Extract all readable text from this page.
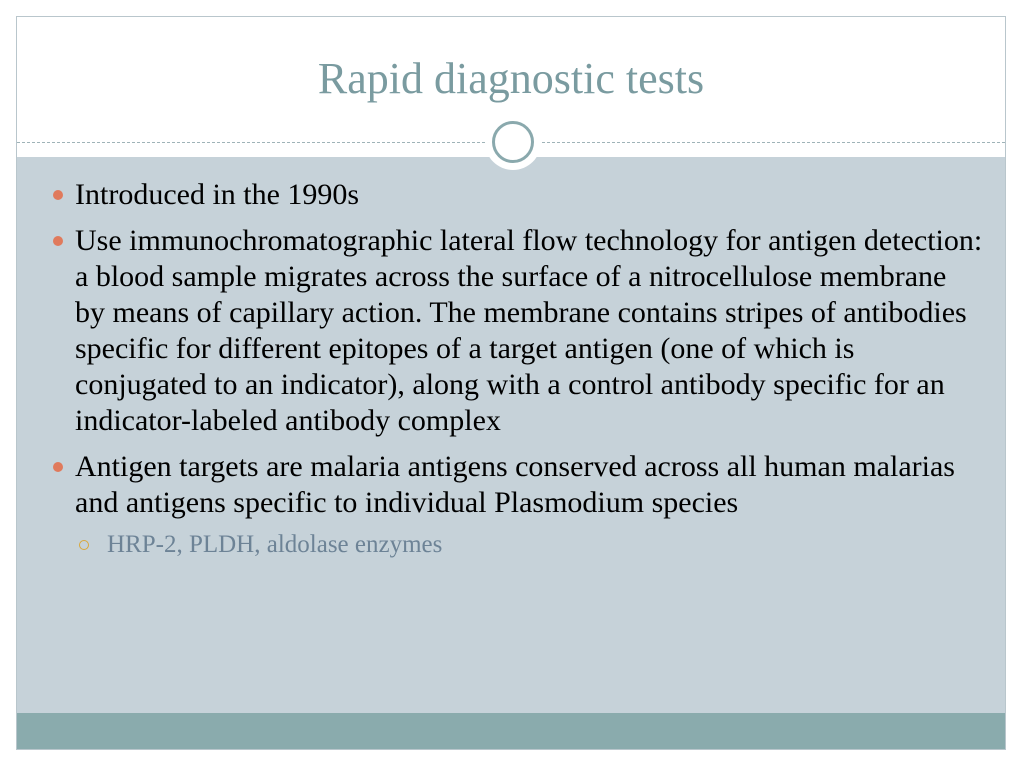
Rapid diagnostic tests
Introduced in the 1990s
Use immunochromatographic lateral flow technology for antigen detection: a blood sample migrates across the surface of a nitrocellulose membrane by means of capillary action. The membrane contains stripes of antibodies specific for different epitopes of a target antigen (one of which is conjugated to an indicator), along with a control antibody specific for an indicator-labeled antibody complex
Antigen targets are malaria antigens conserved across all human malarias and antigens specific to individual Plasmodium species
HRP-2, PLDH, aldolase enzymes
